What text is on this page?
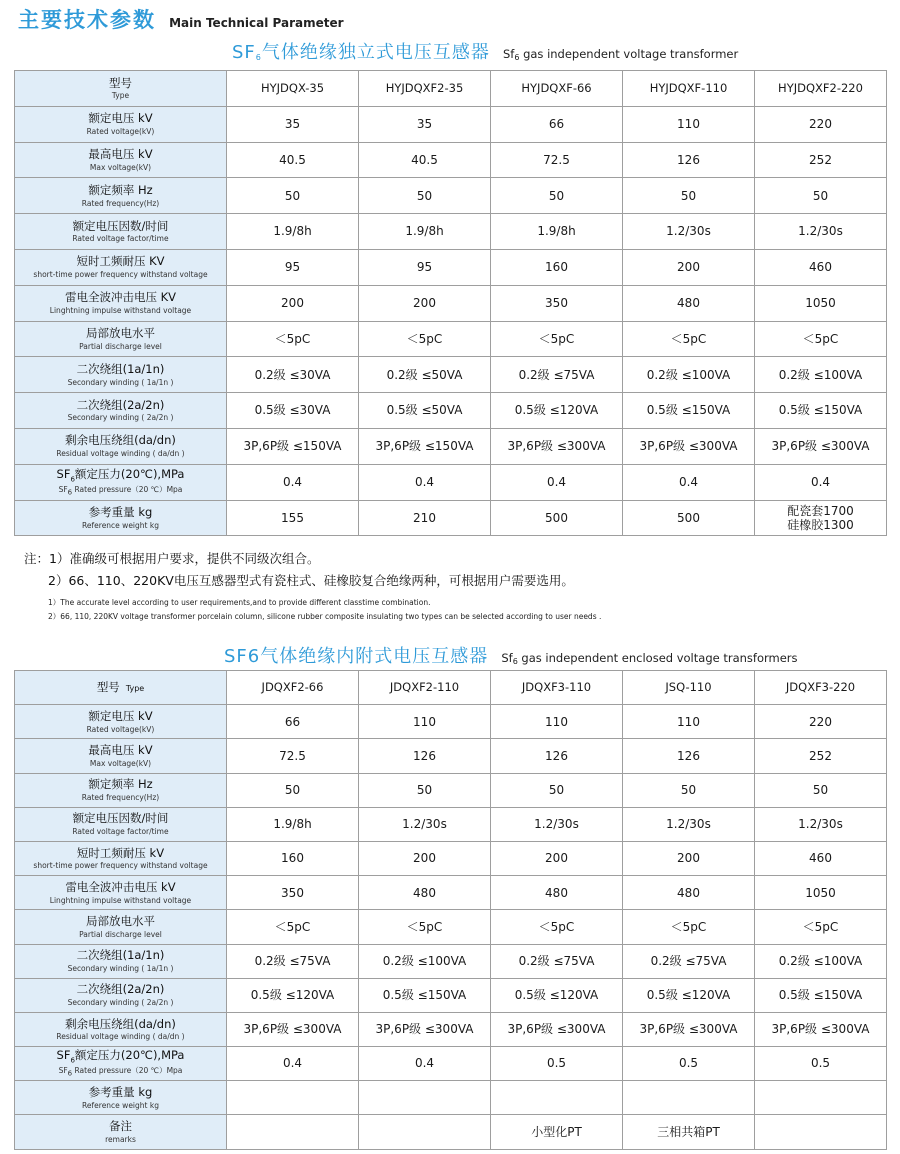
主要技术参数 Main Technical Parameter
$SF_6$气体绝缘独立式电压互感器 $Sf_6$ gas independent voltage transformer
型号
Type	HYJDQX-35	HYJDQXF2-35	HYJDQXF-66	HYJDQXF-110	HYJDQXF2-220

额定电压 kV
Rated voltage(kV)	35	35	66	110	220

最高电压 kV
Max voltage(kV)	40.5	40.5	72.5	126	252

额定频率 Hz
Rated frequency(Hz)	50	50	50	50	50

额定电压因数/时间
Rated voltage factor/time	1.9/8h	1.9/8h	1.9/8h	1.2/30s	1.2/30s

短时工频耐压 KV
short-time power frequency withstand voltage	95	95	160	200	460

雷电全波冲击电压 KV
Linghtning impulse withstand voltage	200	200	350	480	1050

局部放电水平
Partial discharge level	＜5pC	＜5pC	＜5pC	＜5pC	＜5pC

二次绕组(1a/1n)
Secondary winding ( 1a/1n )	0.2级 ≤30VA	0.2级 ≤50VA	0.2级 ≤75VA	0.2级 ≤100VA	0.2级 ≤100VA

二次绕组(2a/2n)
Secondary winding ( 2a/2n )	0.5级 ≤30VA	0.5级 ≤50VA	0.5级 ≤120VA	0.5级 ≤150VA	0.5级 ≤150VA

剩余电压绕组(da/dn)
Residual voltage winding ( da/dn )	3P,6P级 ≤150VA	3P,6P级 ≤150VA	3P,6P级 ≤300VA	3P,6P级 ≤300VA	3P,6P级 ≤300VA

$SF_6$额定压力(20℃),MPa
$SF_6$ Rated pressure（20 ℃）Mpa	0.4	0.4	0.4	0.4	0.4

参考重量 kg
Reference weight kg	155	210	500	500	配瓷套1700
硅橡胶1300
注：1）准确级可根据用户要求，提供不同级次组合。
2）66、110、220KV电压互感器型式有瓷柱式、硅橡胶复合绝缘两种，可根据用户需要选用。
1）The accurate level according to user requirements,and to provide different classtime combination.
2）66, 110, 220KV voltage transformer porcelain column, silicone rubber composite insulating two types can be selected according to user needs .
SF6气体绝缘内附式电压互感器 $Sf_6$ gas independent enclosed voltage transformers
型号 Type	JDQXF2-66	JDQXF2-110	JDQXF3-110	JSQ-110	JDQXF3-220

额定电压 kV
Rated voltage(kV)	66	110	110	110	220

最高电压 kV
Max voltage(kV)	72.5	126	126	126	252

额定频率 Hz
Rated frequency(Hz)	50	50	50	50	50

额定电压因数/时间
Rated voltage factor/time	1.9/8h	1.2/30s	1.2/30s	1.2/30s	1.2/30s

短时工频耐压 kV
short-time power frequency withstand voltage	160	200	200	200	460

雷电全波冲击电压 kV
Linghtning impulse withstand voltage	350	480	480	480	1050

局部放电水平
Partial discharge level	＜5pC	＜5pC	＜5pC	＜5pC	＜5pC

二次绕组(1a/1n)
Secondary winding ( 1a/1n )	0.2级 ≤75VA	0.2级 ≤100VA	0.2级 ≤75VA	0.2级 ≤75VA	0.2级 ≤100VA

二次绕组(2a/2n)
Secondary winding ( 2a/2n )	0.5级 ≤120VA	0.5级 ≤150VA	0.5级 ≤120VA	0.5级 ≤120VA	0.5级 ≤150VA

剩余电压绕组(da/dn)
Residual voltage winding ( da/dn )	3P,6P级 ≤300VA	3P,6P级 ≤300VA	3P,6P级 ≤300VA	3P,6P级 ≤300VA	3P,6P级 ≤300VA

$SF_6$额定压力(20℃),MPa
$SF_6$ Rated pressure（20 ℃）Mpa	0.4	0.4	0.5	0.5	0.5

参考重量 kg
Reference weight kg					

备注
remarks			小型化PT	三相共箱PT	
